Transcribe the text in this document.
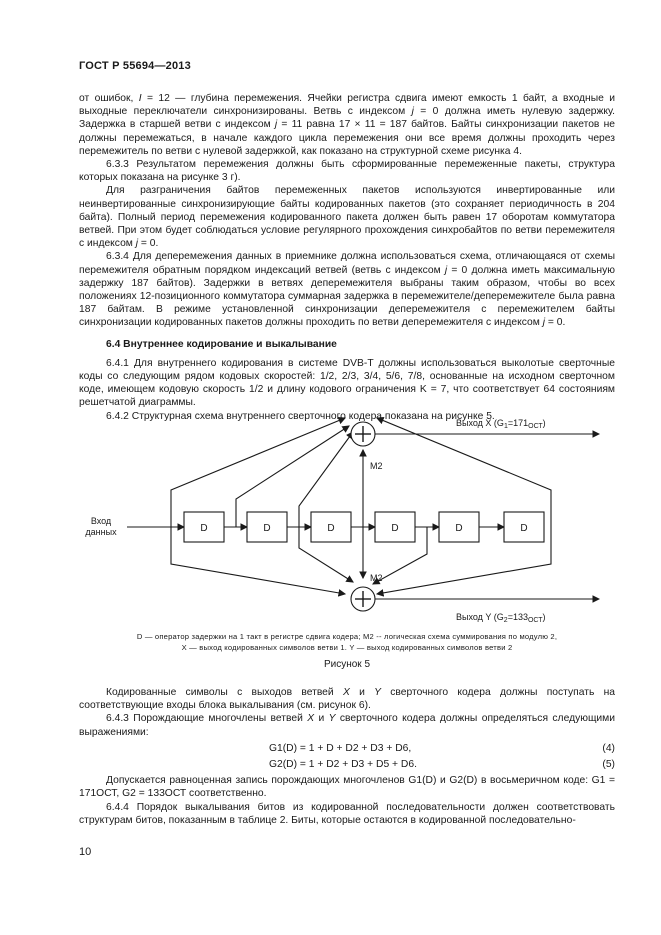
ГОСТ Р 55694—2013

от ошибок, I = 12 — глубина перемежения. Ячейки регистра сдвига имеют емкость 1 байт, а входные и выходные переключатели синхронизированы. Ветвь с индексом j = 0 должна иметь нулевую задержку. Задержка в старшей ветви с индексом j = 11 равна 17 × 11 = 187 байтов. Байты синхронизации пакетов не должны перемежаться, в начале каждого цикла перемежения они все время должны проходить через перемежитель по ветви с нулевой задержкой, как показано на структурной схеме рисунка 4.

6.3.3 Результатом перемежения должны быть сформированные перемеженные пакеты, структура которых показана на рисунке 3 г).

Для разграничения байтов перемеженных пакетов используются инвертированные или неинвертированные синхронизирующие байты кодированных пакетов (это сохраняет периодичность в 204 байта). Полный период перемежения кодированного пакета должен быть равен 17 оборотам коммутатора ветвей. При этом будет соблюдаться условие регулярного прохождения синхробайтов по ветви перемежителя с индексом j = 0.

6.3.4 Для деперемежения данных в приемнике должна использоваться схема, отличающаяся от схемы перемежителя обратным порядком индексаций ветвей (ветвь с индексом j = 0 должна иметь максимальную задержку 187 байтов). Задержки в ветвях деперемежителя выбраны таким образом, чтобы во всех положениях 12-позиционного коммутатора суммарная задержка в перемежителе/деперемежителе была равна 187 байтам. В режиме установленной синхронизации деперемежителя с перемежителем байты синхронизации кодированных пакетов должны проходить по ветви деперемежителя с индексом j = 0.

6.4 Внутреннее кодирование и выкалывание

6.4.1 Для внутреннего кодирования в системе DVB-T должны использоваться выколотые сверточные коды со следующим рядом кодовых скоростей: 1/2, 2/3, 3/4, 5/6, 7/8, основанные на исходном сверточном коде, имеющем кодовую скорость 1/2 и длину кодового ограничения K = 7, что соответствует 64 состояниям решетчатой диаграммы.

6.4.2 Структурная схема внутреннего сверточного кодера показана на рисунке 5.

D	D	D	D	D	D
Вход
данных
M2
M2
Выход X $(G_1=171_{ОСТ})$
Выход Y $(G_2=133_{ОСТ})$
D — оператор задержки на 1 такт в регистре сдвига кодера; M2 -- логическая схема суммирования по модулю 2,
X — выход кодированных символов ветви 1. Y — выход кодированных символов ветви 2
Рисунок 5

Кодированные символы с выходов ветвей X и Y сверточного кодера должны поступать на соответствующие входы блока выкалывания (см. рисунок 6).

6.4.3 Порождающие многочлены ветвей X и Y сверточного кодера должны определяться следующими выражениями:

G1(D) = 1 + D + D2 + D3 + D6,	(4)
G2(D) = 1 + D2 + D3 + D5 + D6.	(5)

Допускается равноценная запись порождающих многочленов G1(D) и G2(D) в восьмеричном коде: G1 = 171ОСТ, G2 = 133ОСТ соответственно.

6.4.4 Порядок выкалывания битов из кодированной последовательности должен соответствовать структурам битов, показанным в таблице 2. Биты, которые остаются в кодированной последовательно-

10
